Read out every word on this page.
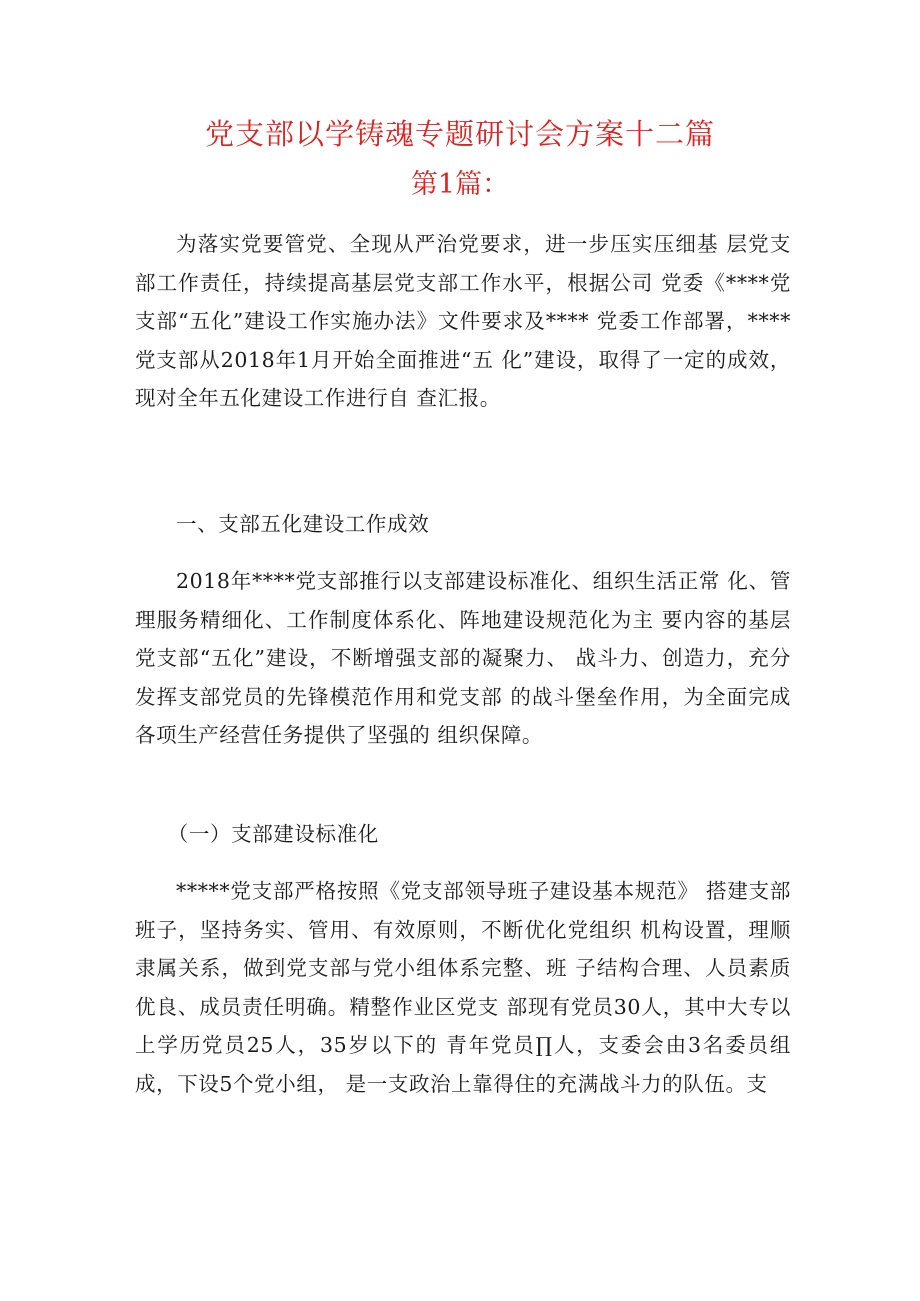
党支部以学铸魂专题研讨会方案十二篇
第1篇：

为落实党要管党、全现从严治党要求，进一步压实压细基 层党支部工作责任，持续提高基层党支部工作水平，根据公司 党委《****党支部“五化”建设工作实施办法》文件要求及**** 党委工作部署，****党支部从2018年1月开始全面推进“五 化”建设，取得了一定的成效，现对全年五化建设工作进行自 查汇报。

一、支部五化建设工作成效

2018年****党支部推行以支部建设标准化、组织生活正常 化、管理服务精细化、工作制度体系化、阵地建设规范化为主 要内容的基层党支部“五化”建设，不断增强支部的凝聚力、 战斗力、创造力，充分发挥支部党员的先锋模范作用和党支部 的战斗堡垒作用，为全面完成各项生产经营任务提供了坚强的 组织保障。

（一）支部建设标准化

*****党支部严格按照《党支部领导班子建设基本规范》 搭建支部班子，坚持务实、管用、有效原则，不断优化党组织 机构设置，理顺隶属关系，做到党支部与党小组体系完整、班 子结构合理、人员素质优良、成员责任明确。精整作业区党支 部现有党员30人，其中大专以上学历党员25人，35岁以下的 青年党员∏人，支委会由3名委员组成，下设5个党小组， 是一支政治上靠得住的充满战斗力的队伍。支
